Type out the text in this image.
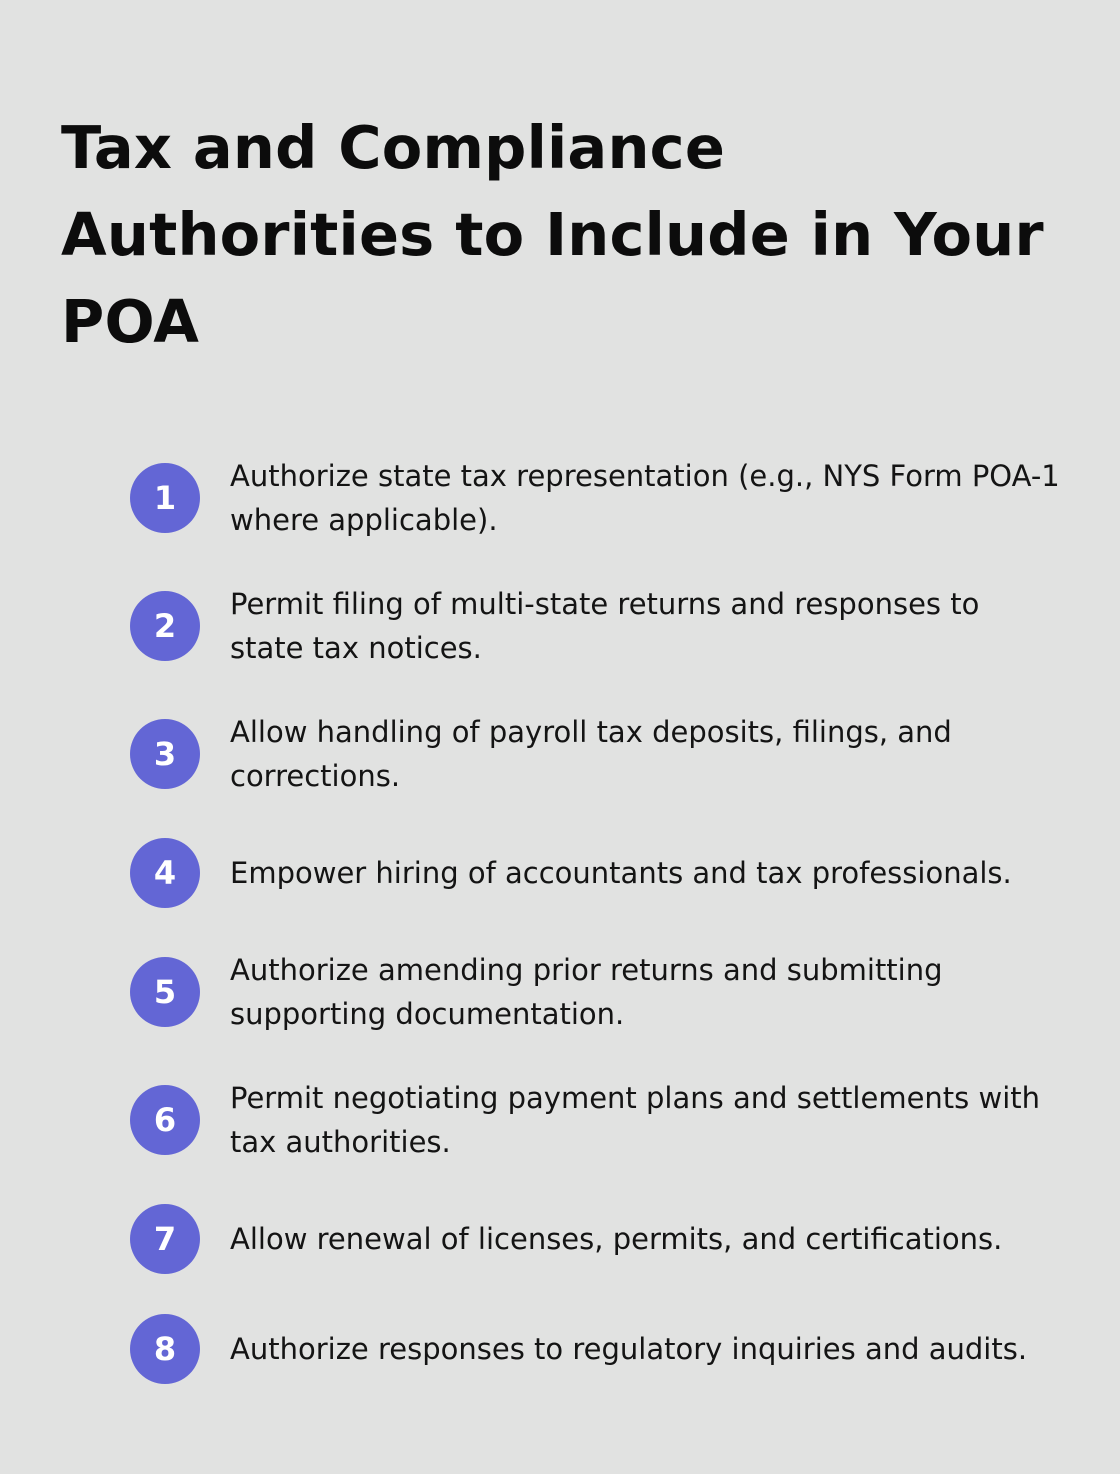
Tax and Compliance Authorities to Include in Your POA
1
Authorize state tax representation (e.g., NYS Form POA-1 where applicable).
2
Permit filing of multi-state returns and responses to state tax notices.
3
Allow handling of payroll tax deposits, filings, and corrections.
4	Empower hiring of accountants and tax professionals.
5
Authorize amending prior returns and submitting supporting documentation.
6
Permit negotiating payment plans and settlements with tax authorities.
7	Allow renewal of licenses, permits, and certifications.
8	Authorize responses to regulatory inquiries and audits.
